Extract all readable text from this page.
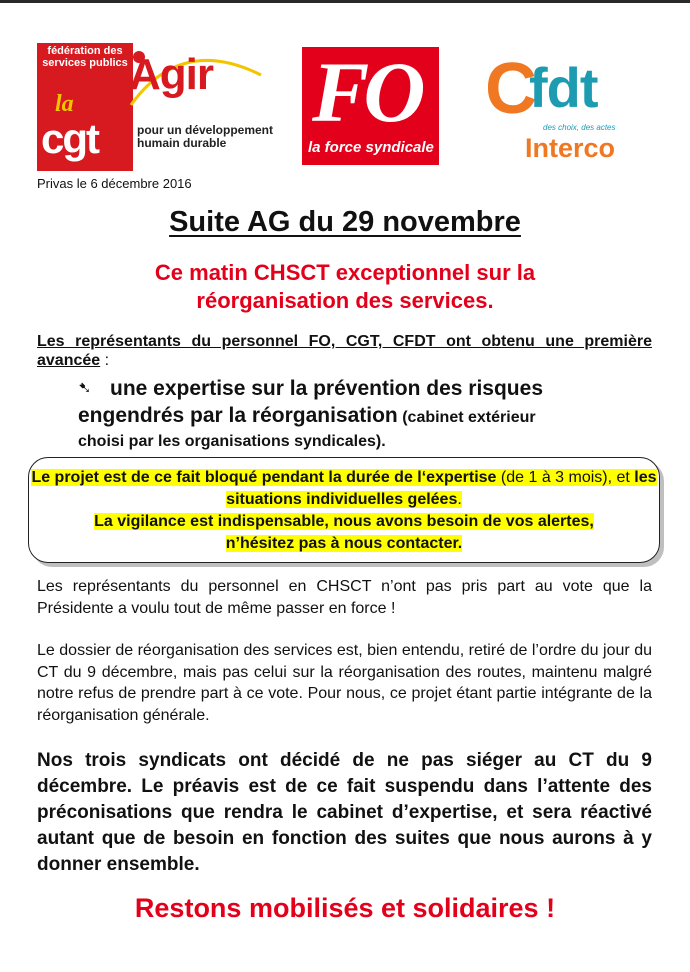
fédération des services publics
la
cgt
Agir
pour un développement humain durable
FO
la force syndicale
C
fdt
des choix, des actes
Interco
Privas le 6 décembre 2016
Suite AG du 29 novembre
Ce matin CHSCT exceptionnel sur la
réorganisation des services.
Les représentants du personnel FO, CGT, CFDT ont obtenu une première avancée :
➷ une expertise sur la prévention des risques
engendrés par la réorganisation (cabinet extérieur
choisi par les organisations syndicales).
Le projet est de ce fait bloqué pendant la durée de l‘expertise (de 1 à 3 mois), et les situations individuelles gelées.
La vigilance est indispensable, nous avons besoin de vos alertes,
n’hésitez pas à nous contacter.
Les représentants du personnel en CHSCT n’ont pas pris part au vote que la Présidente a voulu tout de même passer en force !
Le dossier de réorganisation des services est, bien entendu, retiré de l’ordre du jour du CT du 9 décembre, mais pas celui sur la réorganisation des routes, maintenu malgré notre refus de prendre part à ce vote. Pour nous, ce projet étant partie intégrante de la réorganisation générale.
Nos trois syndicats ont décidé de ne pas siéger au CT du 9 décembre. Le préavis est de ce fait suspendu dans l’attente des préconisations que rendra le cabinet d’expertise, et sera réactivé autant que de besoin en fonction des suites que nous aurons à y donner ensemble.
Restons mobilisés et solidaires !
